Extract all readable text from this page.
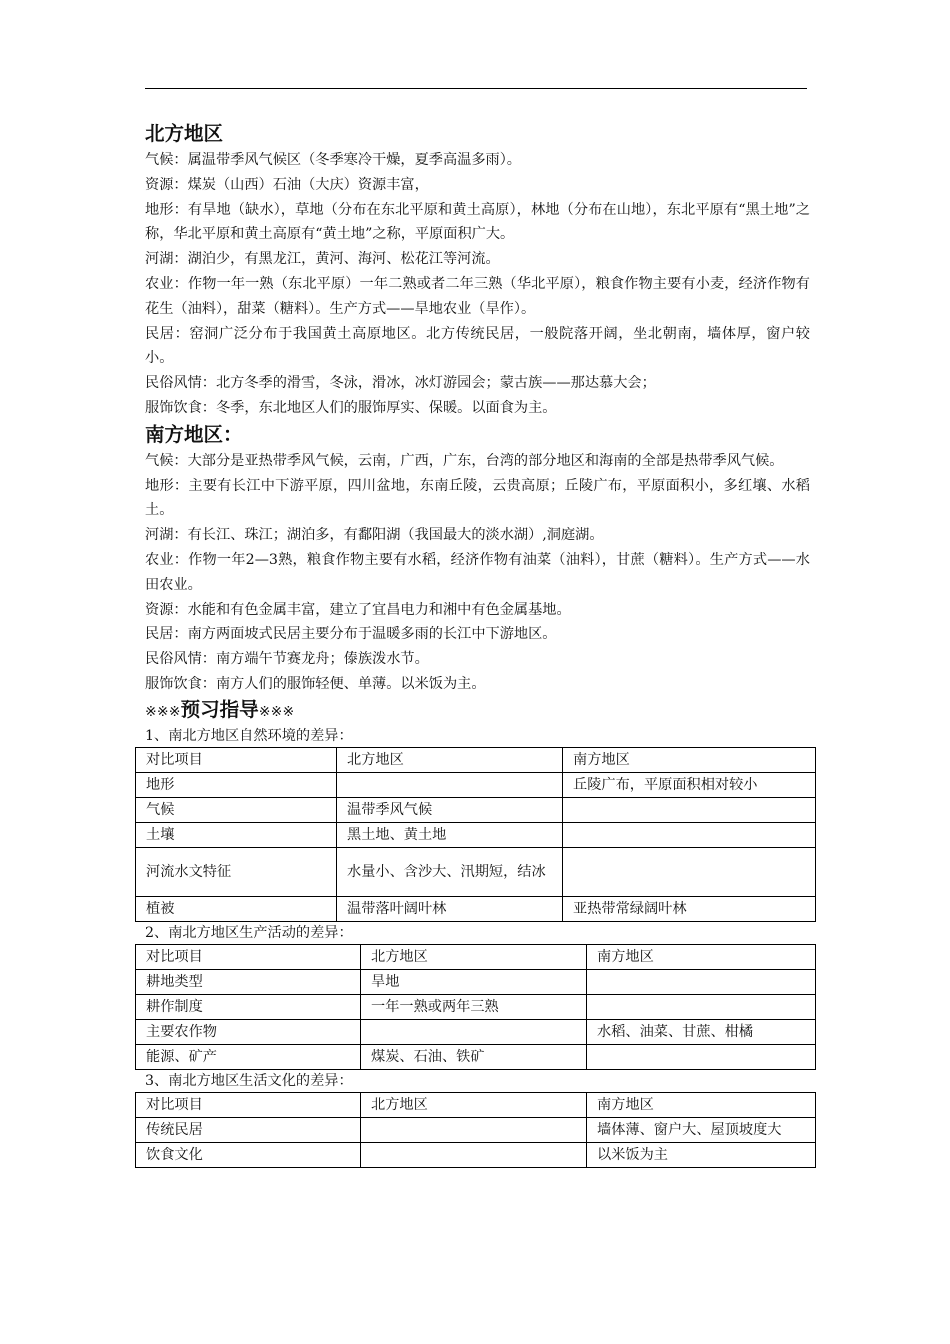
北方地区

气候：属温带季风气候区（冬季寒冷干燥，夏季高温多雨）。

资源：煤炭（山西）石油（大庆）资源丰富，

地形：有旱地（缺水），草地（分布在东北平原和黄土高原），林地（分布在山地），东北平原有“黑土地”之称，华北平原和黄土高原有“黄土地”之称，平原面积广大。

河湖：湖泊少，有黑龙江，黄河、海河、松花江等河流。

农业：作物一年一熟（东北平原）一年二熟或者二年三熟（华北平原），粮食作物主要有小麦，经济作物有花生（油料），甜菜（糖料）。生产方式——旱地农业（旱作）。

民居：窑洞广泛分布于我国黄土高原地区。北方传统民居，一般院落开阔，坐北朝南，墙体厚，窗户较小。

民俗风情：北方冬季的滑雪，冬泳，滑冰，冰灯游园会；蒙古族——那达慕大会；

服饰饮食：冬季，东北地区人们的服饰厚实、保暖。以面食为主。

南方地区：

气候：大部分是亚热带季风气候，云南，广西，广东，台湾的部分地区和海南的全部是热带季风气候。

地形：主要有长江中下游平原，四川盆地，东南丘陵，云贵高原；丘陵广布，平原面积小，多红壤、水稻土。

河湖：有长江、珠江；湖泊多，有鄱阳湖（我国最大的淡水湖）,洞庭湖。

农业：作物一年2—3熟，粮食作物主要有水稻，经济作物有油菜（油料），甘蔗（糖料）。生产方式——水田农业。

资源：水能和有色金属丰富，建立了宜昌电力和湘中有色金属基地。

民居：南方两面坡式民居主要分布于温暖多雨的长江中下游地区。

民俗风情：南方端午节赛龙舟；傣族泼水节。

服饰饮食：南方人们的服饰轻便、单薄。以米饭为主。

※※※预习指导※※※

1、南北方地区自然环境的差异：

对比项目	北方地区	南方地区
地形		丘陵广布，平原面积相对较小
气候	温带季风气候	
土壤	黑土地、黄土地	
河流水文特征	水量小、含沙大、汛期短，结冰	
植被	温带落叶阔叶林	亚热带常绿阔叶林

2、南北方地区生产活动的差异：

对比项目	北方地区	南方地区
耕地类型	旱地	
耕作制度	一年一熟或两年三熟	
主要农作物		水稻、油菜、甘蔗、柑橘
能源、矿产	煤炭、石油、铁矿	

3、南北方地区生活文化的差异：

对比项目	北方地区	南方地区
传统民居		墙体薄、窗户大、屋顶坡度大
饮食文化		以米饭为主
